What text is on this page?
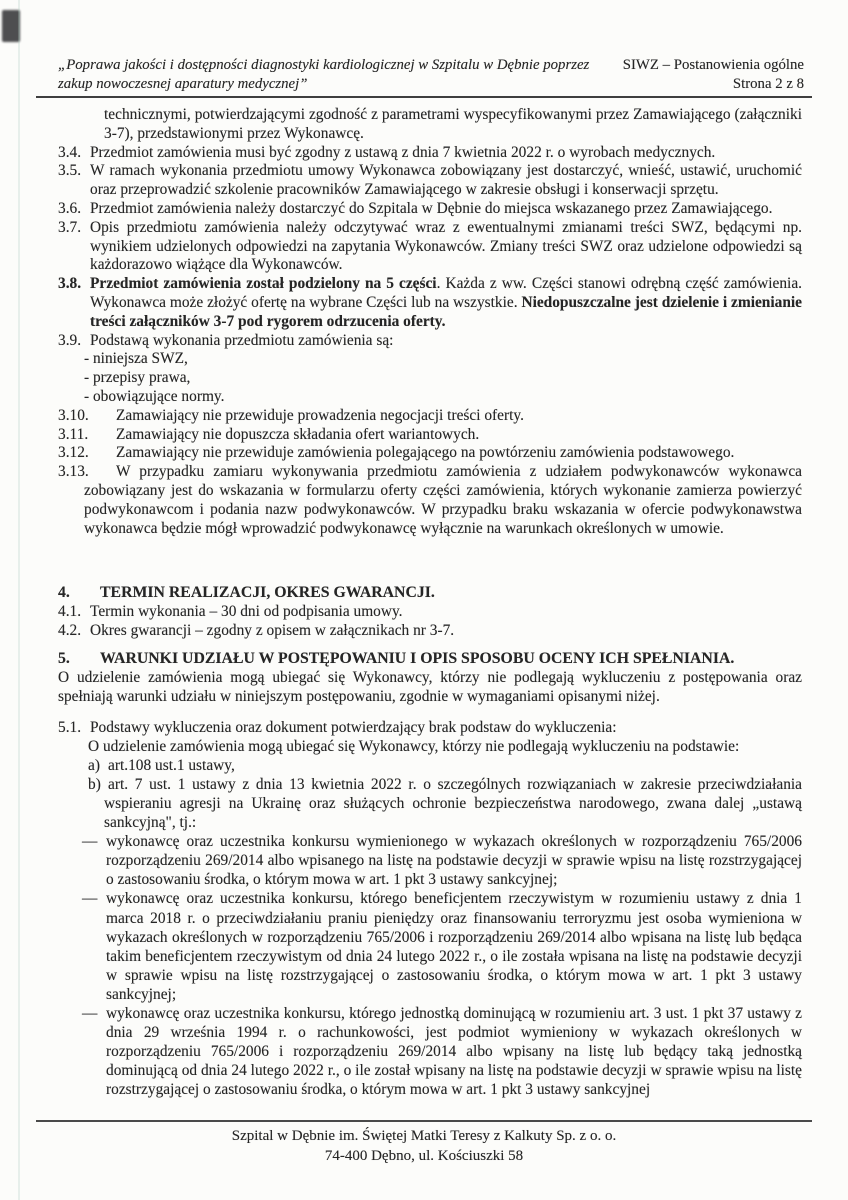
„Poprawa jakości i dostępności diagnostyki kardiologicznej w Szpitalu w Dębnie poprzez

zakup nowoczesnej aparatury medycznej”

SIWZ – Postanowienia ogólne

Strona 2 z 8

technicznymi, potwierdzającymi zgodność z parametrami wyspecyfikowanymi przez Zamawiającego (załączniki 3-7), przedstawionymi przez Wykonawcę.

3.4. Przedmiot zamówienia musi być zgodny z ustawą z dnia 7 kwietnia 2022 r. o wyrobach medycznych.

3.5. W ramach wykonania przedmiotu umowy Wykonawca zobowiązany jest dostarczyć, wnieść, ustawić, uruchomić oraz przeprowadzić szkolenie pracowników Zamawiającego w zakresie obsługi i konserwacji sprzętu.

3.6. Przedmiot zamówienia należy dostarczyć do Szpitala w Dębnie do miejsca wskazanego przez Zamawiającego.

3.7. Opis przedmiotu zamówienia należy odczytywać wraz z ewentualnymi zmianami treści SWZ, będącymi np. wynikiem udzielonych odpowiedzi na zapytania Wykonawców. Zmiany treści SWZ oraz udzielone odpowiedzi są każdorazowo wiążące dla Wykonawców.

3.8. Przedmiot zamówienia został podzielony na 5 części. Każda z ww. Części stanowi odrębną część zamówienia. Wykonawca może złożyć ofertę na wybrane Części lub na wszystkie. Niedopuszczalne jest dzielenie i zmienianie treści załączników 3-7 pod rygorem odrzucenia oferty.

3.9. Podstawą wykonania przedmiotu zamówienia są:

- niniejsza SWZ,

- przepisy prawa,

- obowiązujące normy.

3.10. Zamawiający nie przewiduje prowadzenia negocjacji treści oferty.

3.11. Zamawiający nie dopuszcza składania ofert wariantowych.

3.12. Zamawiający nie przewiduje zamówienia polegającego na powtórzeniu zamówienia podstawowego.

3.13. W przypadku zamiaru wykonywania przedmiotu zamówienia z udziałem podwykonawców wykonawca zobowiązany jest do wskazania w formularzu oferty części zamówienia, których wykonanie zamierza powierzyć podwykonawcom i podania nazw podwykonawców. W przypadku braku wskazania w ofercie podwykonawstwa wykonawca będzie mógł wprowadzić podwykonawcę wyłącznie na warunkach określonych w umowie.

4. TERMIN REALIZACJI, OKRES GWARANCJI.

4.1. Termin wykonania – 30 dni od podpisania umowy.

4.2. Okres gwarancji – zgodny z opisem w załącznikach nr 3-7.

5. WARUNKI UDZIAŁU W POSTĘPOWANIU I OPIS SPOSOBU OCENY ICH SPEŁNIANIA.

O udzielenie zamówienia mogą ubiegać się Wykonawcy, którzy nie podlegają wykluczeniu z postępowania oraz spełniają warunki udziału w niniejszym postępowaniu, zgodnie w wymaganiami opisanymi niżej.

5.1. Podstawy wykluczenia oraz dokument potwierdzający brak podstaw do wykluczenia:

O udzielenie zamówienia mogą ubiegać się Wykonawcy, którzy nie podlegają wykluczeniu na podstawie:

a) art.108 ust.1 ustawy,

b) art. 7 ust. 1 ustawy z dnia 13 kwietnia 2022 r. o szczególnych rozwiązaniach w zakresie przeciwdziałania wspieraniu agresji na Ukrainę oraz służących ochronie bezpieczeństwa narodowego, zwana dalej „ustawą sankcyjną", tj.:

— wykonawcę oraz uczestnika konkursu wymienionego w wykazach określonych w rozporządzeniu 765/2006 rozporządzeniu 269/2014 albo wpisanego na listę na podstawie decyzji w sprawie wpisu na listę rozstrzygającej o zastosowaniu środka, o którym mowa w art. 1 pkt 3 ustawy sankcyjnej;

— wykonawcę oraz uczestnika konkursu, którego beneficjentem rzeczywistym w rozumieniu ustawy z dnia 1 marca 2018 r. o przeciwdziałaniu praniu pieniędzy oraz finansowaniu terroryzmu jest osoba wymieniona w wykazach określonych w rozporządzeniu 765/2006 i rozporządzeniu 269/2014 albo wpisana na listę lub będąca takim beneficjentem rzeczywistym od dnia 24 lutego 2022 r., o ile została wpisana na listę na podstawie decyzji w sprawie wpisu na listę rozstrzygającej o zastosowaniu środka, o którym mowa w art. 1 pkt 3 ustawy sankcyjnej;

— wykonawcę oraz uczestnika konkursu, którego jednostką dominującą w rozumieniu art. 3 ust. 1 pkt 37 ustawy z dnia 29 września 1994 r. o rachunkowości, jest podmiot wymieniony w wykazach określonych w rozporządzeniu 765/2006 i rozporządzeniu 269/2014 albo wpisany na listę lub będący taką jednostką dominującą od dnia 24 lutego 2022 r., o ile został wpisany na listę na podstawie decyzji w sprawie wpisu na listę rozstrzygającej o zastosowaniu środka, o którym mowa w art. 1 pkt 3 ustawy sankcyjnej

Szpital w Dębnie im. Świętej Matki Teresy z Kalkuty Sp. z o. o.

74-400 Dębno, ul. Kościuszki 58
